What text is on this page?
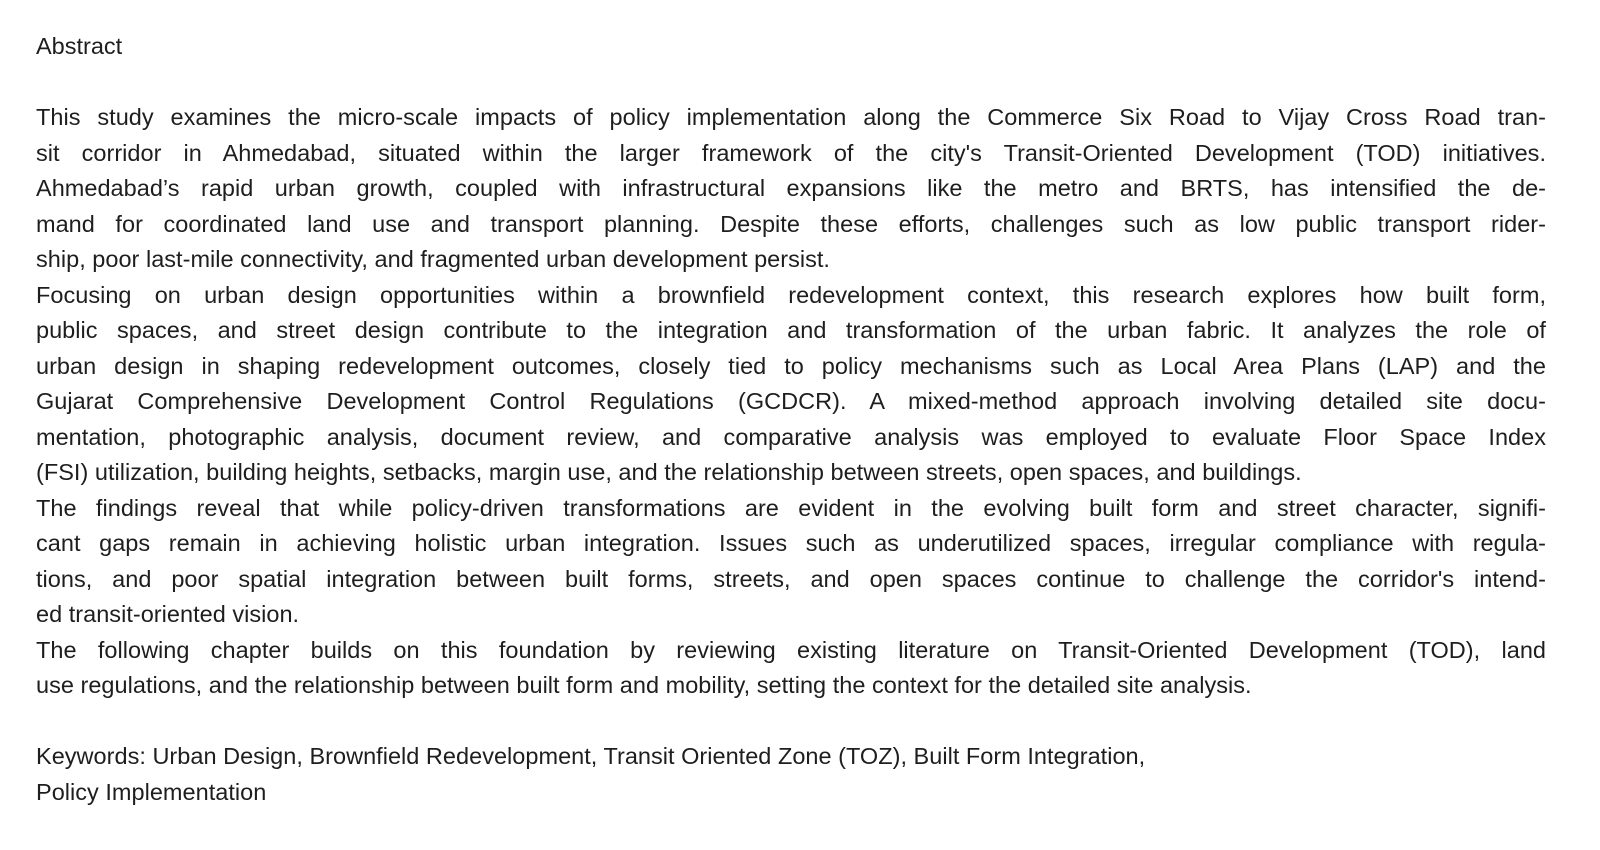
Abstract
This study examines the micro-scale impacts of policy implementation along the Commerce Six Road to Vijay Cross Road tran-
sit corridor in Ahmedabad, situated within the larger framework of the city's Transit-Oriented Development (TOD) initiatives.
Ahmedabad’s rapid urban growth, coupled with infrastructural expansions like the metro and BRTS, has intensified the de-
mand for coordinated land use and transport planning. Despite these efforts, challenges such as low public transport rider-
ship, poor last-mile connectivity, and fragmented urban development persist.
Focusing on urban design opportunities within a brownfield redevelopment context, this research explores how built form,
public spaces, and street design contribute to the integration and transformation of the urban fabric. It analyzes the role of
urban design in shaping redevelopment outcomes, closely tied to policy mechanisms such as Local Area Plans (LAP) and the
Gujarat Comprehensive Development Control Regulations (GCDCR). A mixed-method approach involving detailed site docu-
mentation, photographic analysis, document review, and comparative analysis was employed to evaluate Floor Space Index
(FSI) utilization, building heights, setbacks, margin use, and the relationship between streets, open spaces, and buildings.
The findings reveal that while policy-driven transformations are evident in the evolving built form and street character, signifi-
cant gaps remain in achieving holistic urban integration. Issues such as underutilized spaces, irregular compliance with regula-
tions, and poor spatial integration between built forms, streets, and open spaces continue to challenge the corridor's intend-
ed transit-oriented vision.
The following chapter builds on this foundation by reviewing existing literature on Transit-Oriented Development (TOD), land
use regulations, and the relationship between built form and mobility, setting the context for the detailed site analysis.
Keywords: Urban Design, Brownfield Redevelopment, Transit Oriented Zone (TOZ), Built Form Integration,
Policy Implementation
